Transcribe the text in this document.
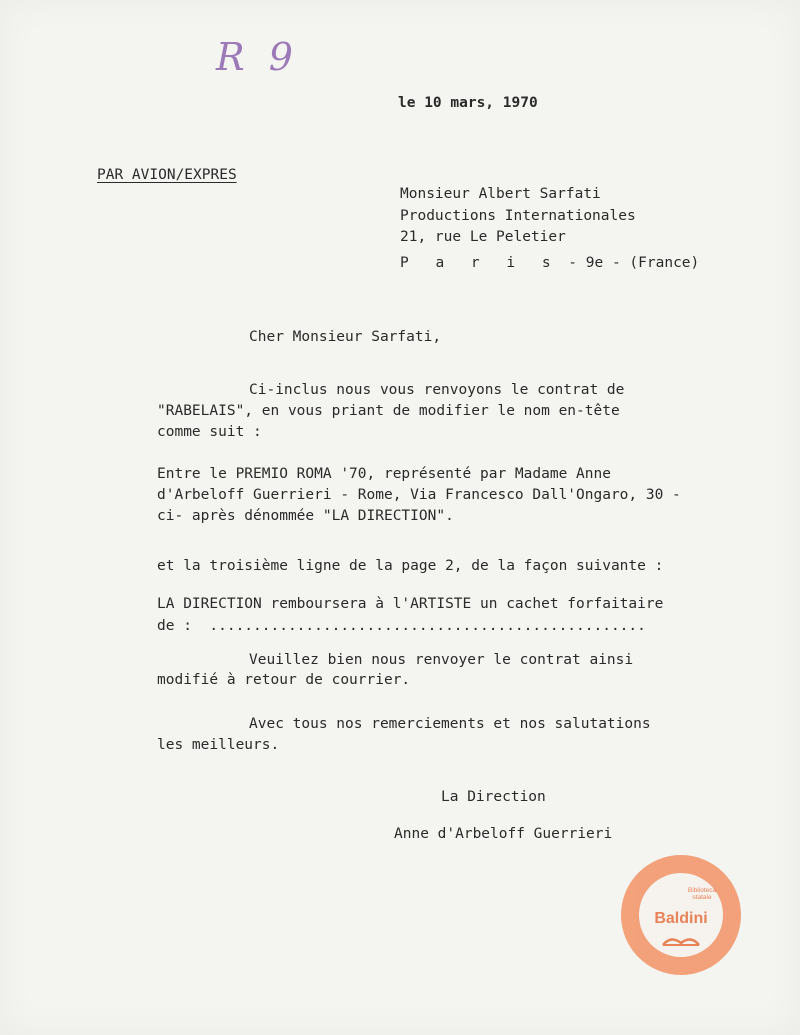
R 9
le 10 mars, 1970
PAR AVION/EXPRES
Monsieur Albert Sarfati
Productions Internationales
21, rue Le Peletier
P a r i s - 9e - (France)
Cher Monsieur Sarfati,
Ci-inclus nous vous renvoyons le contrat de
"RABELAIS", en vous priant de modifier le nom en-tête
comme suit :
Entre le PREMIO ROMA '70, représenté par Madame Anne
d'Arbeloff Guerrieri - Rome, Via Francesco Dall'Ongaro, 30 -
ci- après dénommée "LA DIRECTION".
et la troisième ligne de la page 2, de la façon suivante :
LA DIRECTION remboursera à l'ARTISTE un cachet forfaitaire
de :  ..................................................
Veuillez bien nous renvoyer le contrat ainsi
modifié à retour de courrier.
Avec tous nos remerciements et nos salutations
les meilleurs.
La Direction
Anne d'Arbeloff Guerrieri
Biblioteca statale
Baldini
